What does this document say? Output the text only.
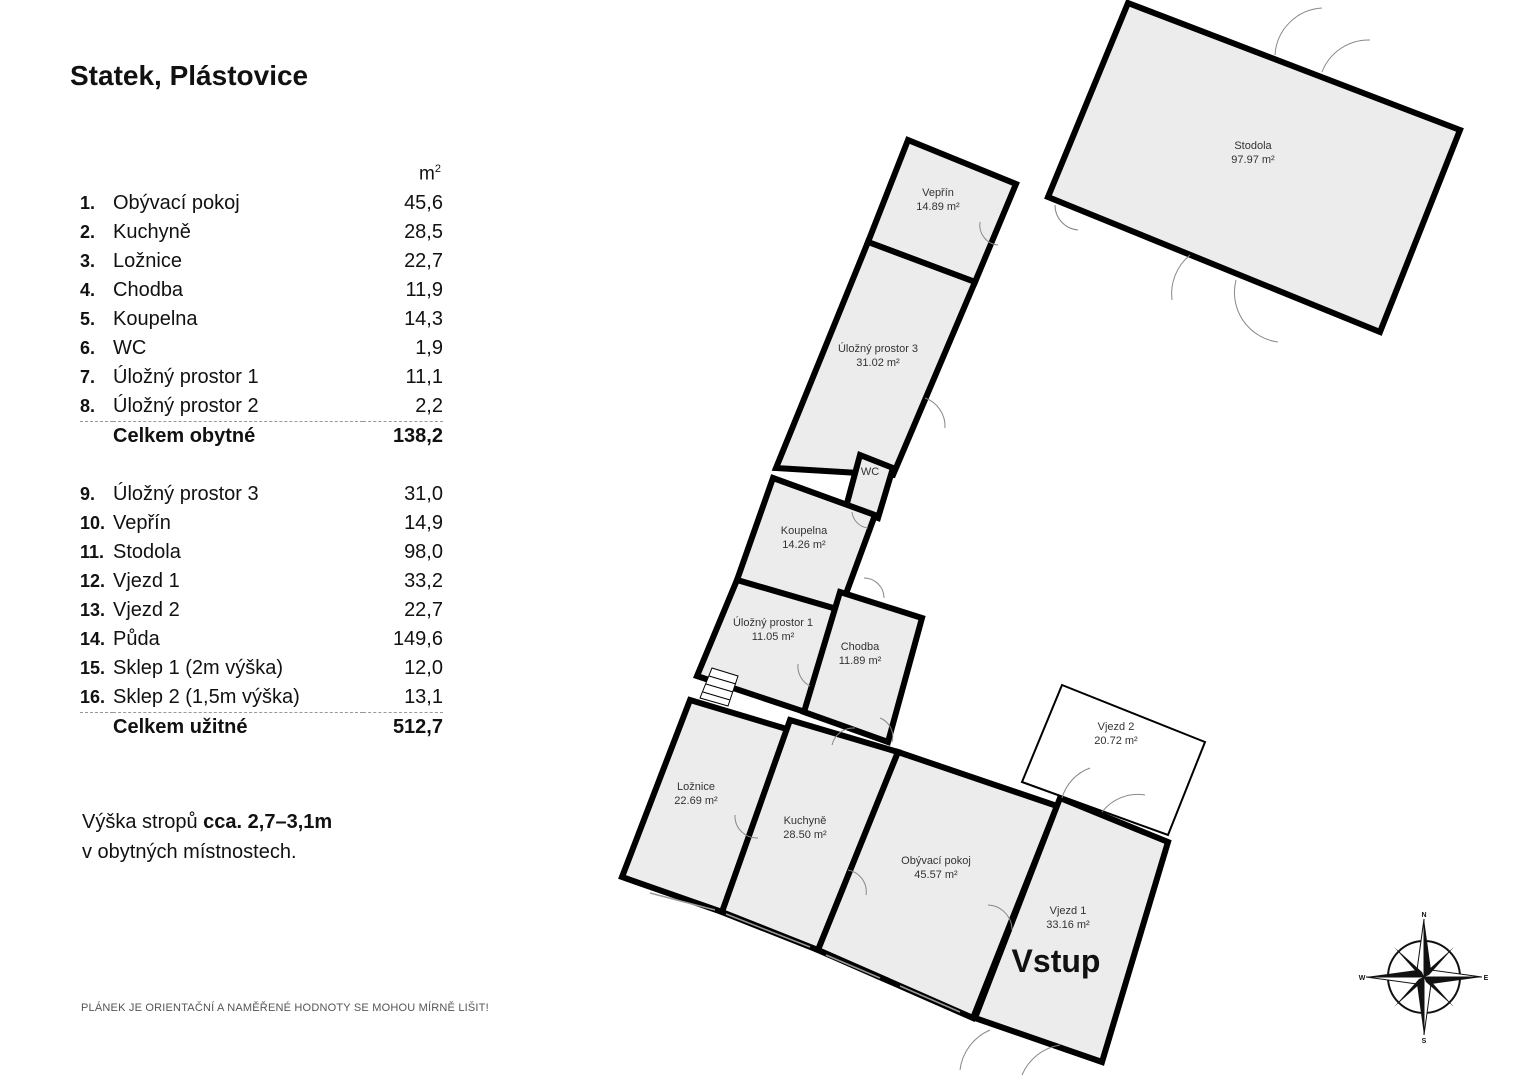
Statek, Plástovice
$m^2$
1.	Obývací pokoj	45,6
2.	Kuchyně	28,5
3.	Ložnice	22,7
4.	Chodba	11,9
5.	Koupelna	14,3
6.	WC	1,9
7.	Úložný prostor 1	11,1
8.	Úložný prostor 2	2,2
	Celkem obytné	138,2
9.	Úložný prostor 3	31,0
10.	Vepřín	14,9
11.	Stodola	98,0
12.	Vjezd 1	33,2
13.	Vjezd 2	22,7
14.	Půda	149,6
15.	Sklep 1 (2m výška)	12,0
16.	Sklep 2 (1,5m výška)	13,1
	Celkem užitné	512,7
Výška stropů cca. 2,7–3,1m
v obytných místnostech.
PLÁNEK JE ORIENTAČNÍ A NAMĚŘENÉ HODNOTY SE MOHOU MÍRNĚ LIŠIT!
Stodola
97.97 m²
Vepřín
14.89 m²
Úložný prostor 3
31.02 m²
WC
Koupelna
14.26 m²
Úložný prostor 1
11.05 m²
Chodba
11.89 m²
Ložnice
22.69 m²
Kuchyně
28.50 m²
Obývací pokoj
45.57 m²
Vjezd 2
20.72 m²
Vjezd 1
33.16 m²
Vstup
N
S
E
W
